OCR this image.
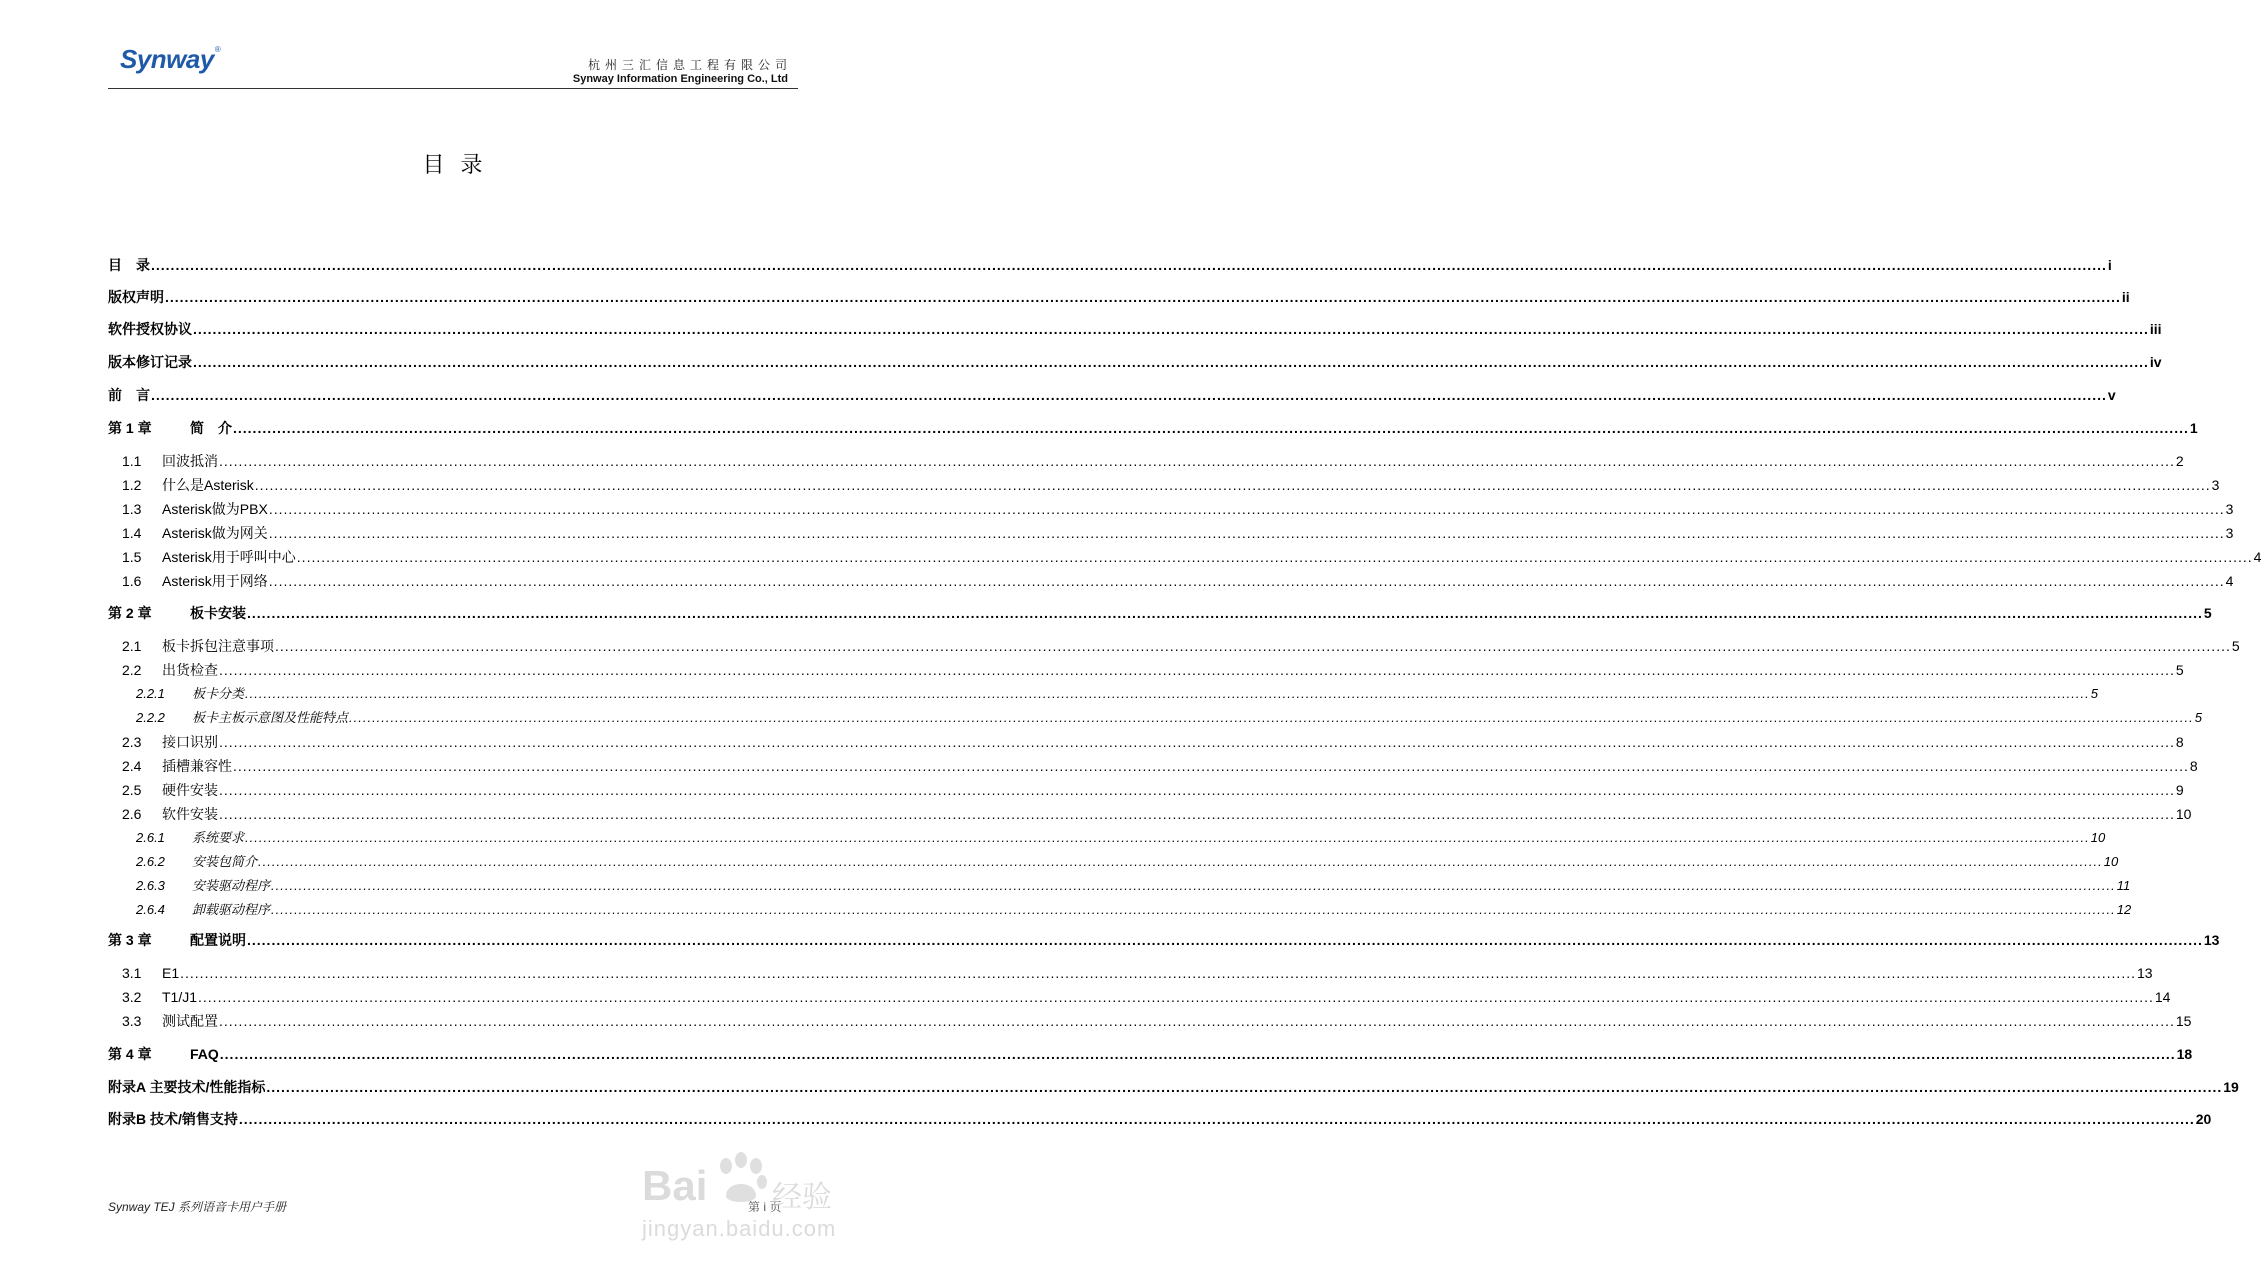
Synway ®
杭州三汇信息工程有限公司
Synway Information Engineering Co., Ltd
目录
目　录 ................................................................................................................................................................................................................................................................................................................................................................................................................ i
版权声明 ................................................................................................................................................................................................................................................................................................................................................................................................................ ii
软件授权协议 ................................................................................................................................................................................................................................................................................................................................................................................................................ iii
版本修订记录 ................................................................................................................................................................................................................................................................................................................................................................................................................ iv
前　言 ................................................................................................................................................................................................................................................................................................................................................................................................................ v
第 1 章	简　介 ................................................................................................................................................................................................................................................................................................................................................................................................................ 1
1.1	回波抵消 ................................................................................................................................................................................................................................................................................................................................................................................................................ 2
1.2	什么是Asterisk ................................................................................................................................................................................................................................................................................................................................................................................................................ 3
1.3	Asterisk做为PBX ................................................................................................................................................................................................................................................................................................................................................................................................................ 3
1.4	Asterisk做为网关 ................................................................................................................................................................................................................................................................................................................................................................................................................ 3
1.5	Asterisk用于呼叫中心 ................................................................................................................................................................................................................................................................................................................................................................................................................ 4
1.6	Asterisk用于网络 ................................................................................................................................................................................................................................................................................................................................................................................................................ 4
第 2 章	板卡安装 ................................................................................................................................................................................................................................................................................................................................................................................................................ 5
2.1	板卡拆包注意事项 ................................................................................................................................................................................................................................................................................................................................................................................................................ 5
2.2	出货检查 ................................................................................................................................................................................................................................................................................................................................................................................................................ 5
2.2.1	板卡分类 ................................................................................................................................................................................................................................................................................................................................................................................................................ 5
2.2.2	板卡主板示意图及性能特点 ................................................................................................................................................................................................................................................................................................................................................................................................................ 5
2.3	接口识别 ................................................................................................................................................................................................................................................................................................................................................................................................................ 8
2.4	插槽兼容性 ................................................................................................................................................................................................................................................................................................................................................................................................................ 8
2.5	硬件安装 ................................................................................................................................................................................................................................................................................................................................................................................................................ 9
2.6	软件安装 ................................................................................................................................................................................................................................................................................................................................................................................................................ 10
2.6.1	系统要求 ................................................................................................................................................................................................................................................................................................................................................................................................................ 10
2.6.2	安装包简介 ................................................................................................................................................................................................................................................................................................................................................................................................................ 10
2.6.3	安装驱动程序 ................................................................................................................................................................................................................................................................................................................................................................................................................ 11
2.6.4	卸载驱动程序 ................................................................................................................................................................................................................................................................................................................................................................................................................ 12
第 3 章	配置说明 ................................................................................................................................................................................................................................................................................................................................................................................................................ 13
3.1	E1 ................................................................................................................................................................................................................................................................................................................................................................................................................ 13
3.2	T1/J1 ................................................................................................................................................................................................................................................................................................................................................................................................................ 14
3.3	测试配置 ................................................................................................................................................................................................................................................................................................................................................................................................................ 15
第 4 章	FAQ ................................................................................................................................................................................................................................................................................................................................................................................................................ 18
附录A 主要技术/性能指标 ................................................................................................................................................................................................................................................................................................................................................................................................................ 19
附录B 技术/销售支持 ................................................................................................................................................................................................................................................................................................................................................................................................................ 20
Synway TEJ 系列语音卡用户手册	第 i 页
Bai 经验
jingyan.baidu.com
